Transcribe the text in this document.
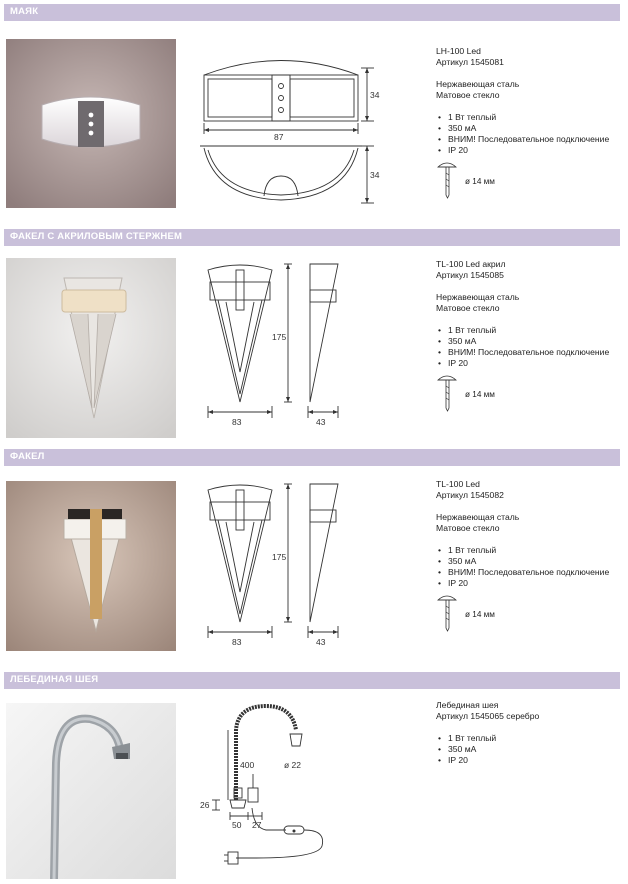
МАЯК
34
87
34

LH-100 Led

Артикул 1545081

Нержавеющая сталь

Матовое стекло

• 1 Вт теплый
• 350 мА
• ВНИМ! Последовательное подключение
• IP 20
ø 14 мм
ФАКЕЛ С АКРИЛОВЫМ СТЕРЖНЕМ
175
83	43

TL-100 Led акрил

Артикул 1545085

Нержавеющая сталь

Матовое стекло

• 1 Вт теплый
• 350 мА
• ВНИМ! Последовательное подключение
• IP 20
ø 14 мм
ФАКЕЛ
175
83	43

TL-100 Led

Артикул 1545082

Нержавеющая сталь

Матовое стекло

• 1 Вт теплый
• 350 мА
• ВНИМ! Последовательное подключение
• IP 20
ø 14 мм
ЛЕБЕДИНАЯ ШЕЯ
400	ø 22
26
50 27

Лебединая шея

Артикул 1545065 серебро

• 1 Вт теплый
• 350 мА
• IP 20
